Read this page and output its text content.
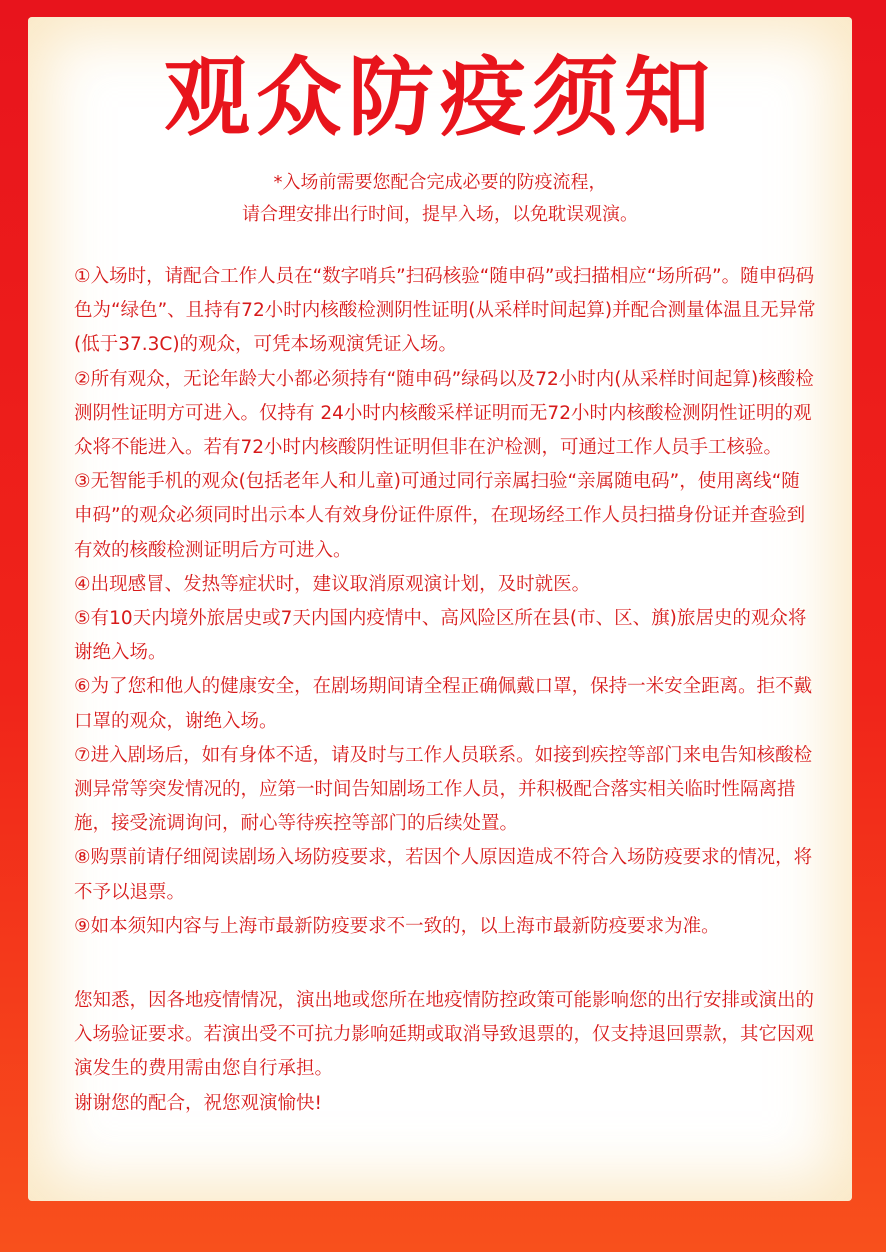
观众防疫须知
*入场前需要您配合完成必要的防疫流程，
请合理安排出行时间，提早入场，以免耽误观演。

①入场时，请配合工作人员在“数字哨兵”扫码核验“随申码”或扫描相应“场所码”。随申码码色为“绿色”、且持有72小时内核酸检测阴性证明(从采样时间起算)并配合测量体温且无异常(低于37.3C)的观众，可凭本场观演凭证入场。

②所有观众，无论年龄大小都必须持有“随申码”绿码以及72小时内(从采样时间起算)核酸检测阴性证明方可进入。仅持有 24小时内核酸采样证明而无72小时内核酸检测阴性证明的观众将不能进入。若有72小时内核酸阴性证明但非在沪检测，可通过工作人员手工核验。

③无智能手机的观众(包括老年人和儿童)可通过同行亲属扫验“亲属随电码”，使用离线“随申码”的观众必须同时出示本人有效身份证件原件，在现场经工作人员扫描身份证并查验到有效的核酸检测证明后方可进入。

④出现感冒、发热等症状时，建议取消原观演计划，及时就医。

⑤有10天内境外旅居史或7天内国内疫情中、高风险区所在县(市、区、旗)旅居史的观众将谢绝入场。

⑥为了您和他人的健康安全，在剧场期间请全程正确佩戴口罩，保持一米安全距离。拒不戴口罩的观众，谢绝入场。

⑦进入剧场后，如有身体不适，请及时与工作人员联系。如接到疾控等部门来电告知核酸检测异常等突发情况的，应第一时间告知剧场工作人员，并积极配合落实相关临时性隔离措施，接受流调询问，耐心等待疾控等部门的后续处置。

⑧购票前请仔细阅读剧场入场防疫要求，若因个人原因造成不符合入场防疫要求的情况，将不予以退票。

⑨如本须知内容与上海市最新防疫要求不一致的，以上海市最新防疫要求为准。

您知悉，因各地疫情情况，演出地或您所在地疫情防控政策可能影响您的出行安排或演出的入场验证要求。若演出受不可抗力影响延期或取消导致退票的，仅支持退回票款，其它因观演发生的费用需由您自行承担。

谢谢您的配合，祝您观演愉快!
